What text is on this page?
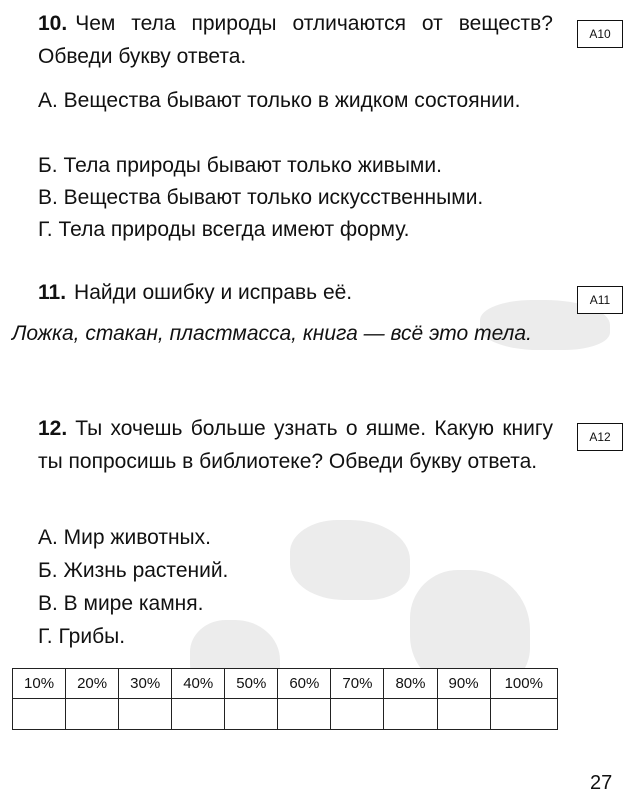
10. Чем тела природы отличаются от веществ? Обведи букву ответа.
A10
А. Вещества бывают только в жидком состоянии.
Б. Тела природы бывают только живыми.
В. Вещества бывают только искусственными.
Г. Тела природы всегда имеют форму.
11. Найди ошибку и исправь её.	A11
Ложка, стакан, пластмасса, книга — всё это тела.
12. Ты хочешь больше узнать о яшме. Какую книгу ты попросишь в библиотеке? Обведи букву ответа.
A12
А. Мир животных.
Б. Жизнь растений.
В. В мире камня.
Г. Грибы.
10%	20%	30%	40%	50%	60%	70%	80%	90%	100%

27
